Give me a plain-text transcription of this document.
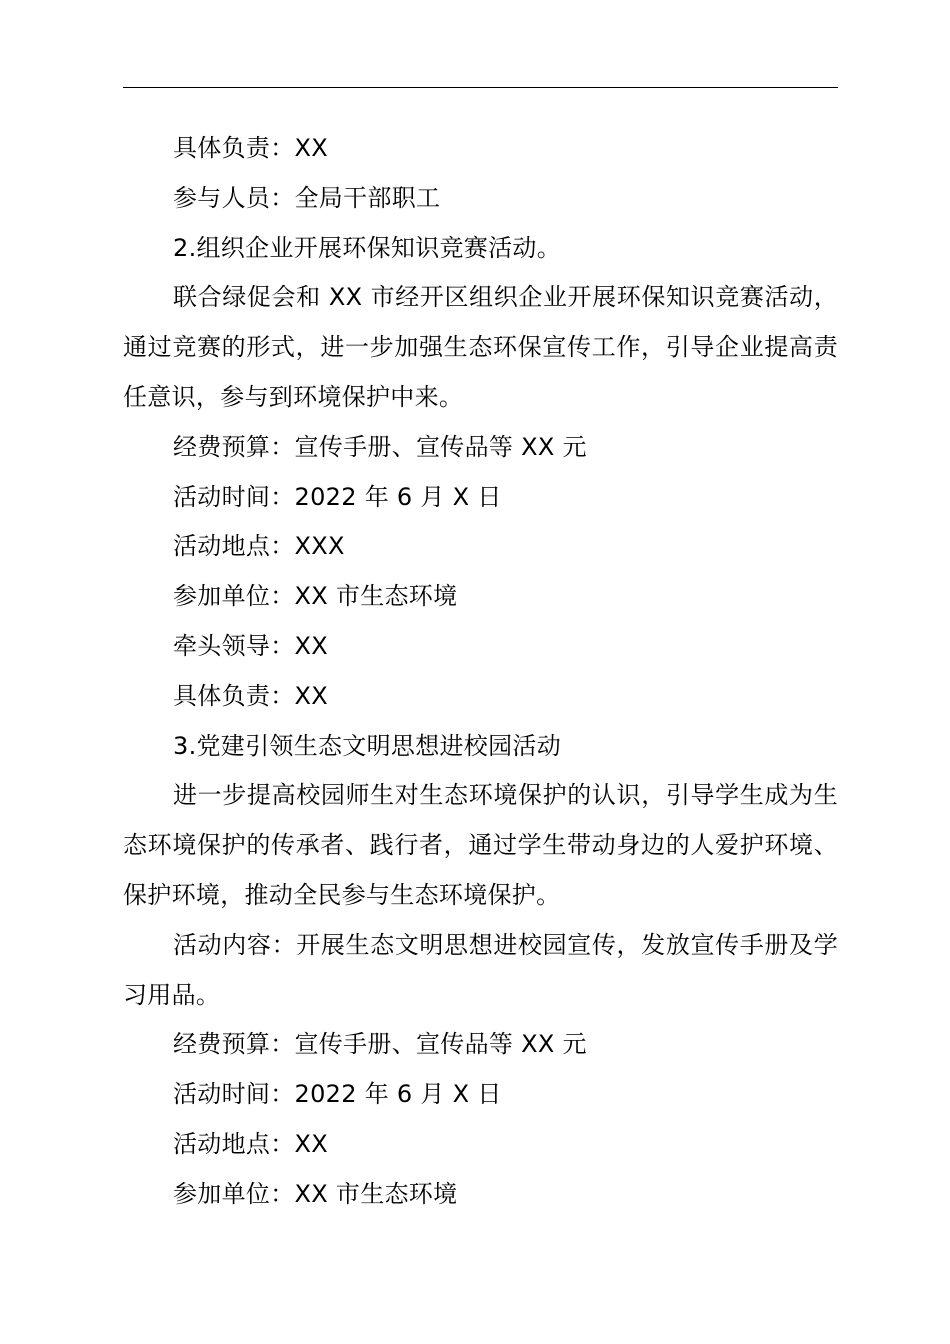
具体负责：XX

参与人员：全局干部职工

2.组织企业开展环保知识竞赛活动。

联合绿促会和 XX 市经开区组织企业开展环保知识竞赛活动，通过竞赛的形式，进一步加强生态环保宣传工作，引导企业提高责任意识，参与到环境保护中来。

经费预算：宣传手册、宣传品等 XX 元

活动时间：2022 年 6 月 X 日

活动地点：XXX

参加单位：XX 市生态环境

牵头领导：XX

具体负责：XX

3.党建引领生态文明思想进校园活动

进一步提高校园师生对生态环境保护的认识，引导学生成为生态环境保护的传承者、践行者，通过学生带动身边的人爱护环境、保护环境，推动全民参与生态环境保护。

活动内容：开展生态文明思想进校园宣传，发放宣传手册及学习用品。

经费预算：宣传手册、宣传品等 XX 元

活动时间：2022 年 6 月 X 日

活动地点：XX

参加单位：XX 市生态环境
